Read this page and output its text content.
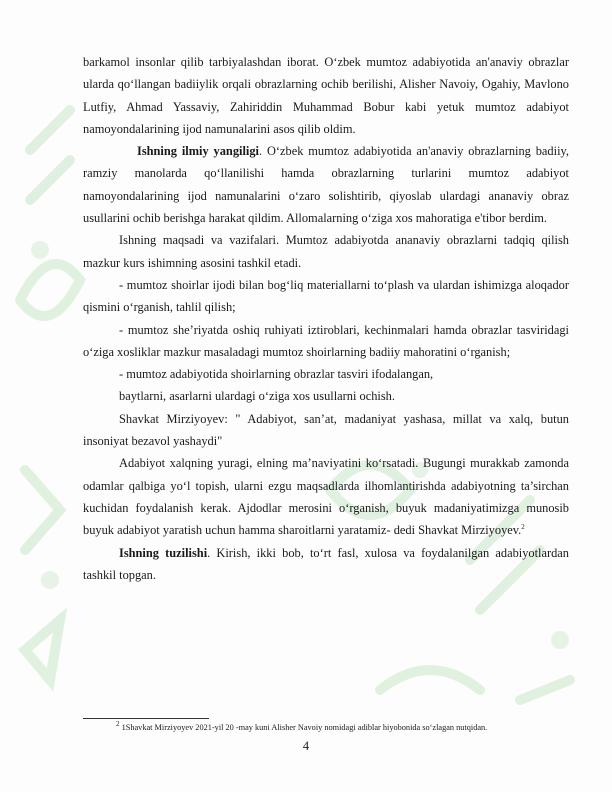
barkamol insonlar qilib tarbiyalashdan iborat. O‘zbek mumtoz adabiyotida an'anaviy obrazlar ularda qo‘llangan badiiylik orqali obrazlarning ochib berilishi, Alisher Navoiy, Ogahiy, Mavlono Lutfiy, Ahmad Yassaviy, Zahiriddin Muhammad Bobur kabi yetuk mumtoz adabiyot namoyondalarining ijod namunalarini asos qilib oldim.

Ishning ilmiy yangiligi. O‘zbek mumtoz adabiyotida an'anaviy obrazlarning badiiy, ramziy manolarda qo‘llanilishi hamda obrazlarning turlarini mumtoz adabiyot namoyondalarining ijod namunalarini o‘zaro solishtirib, qiyoslab ulardagi ananaviy obraz usullarini ochib berishga harakat qildim. Allomalarning o‘ziga xos mahoratiga e'tibor berdim.

Ishning maqsadi va vazifalari. Mumtoz adabiyotda ananaviy obrazlarni tadqiq qilish mazkur kurs ishimning asosini tashkil etadi.

- mumtoz shoirlar ijodi bilan bog‘liq materiallarni to‘plash va ulardan ishimizga aloqador qismini o‘rganish, tahlil qilish;

- mumtoz she’riyatda oshiq ruhiyati iztiroblari, kechinmalari hamda obrazlar tasviridagi o‘ziga xosliklar mazkur masaladagi mumtoz shoirlarning badiiy mahoratini o‘rganish;

- mumtoz adabiyotida shoirlarning obrazlar tasviri ifodalangan,

baytlarni, asarlarni ulardagi o‘ziga xos usullarni ochish.

Shavkat Mirziyoyev: " Adabiyot, san’at, madaniyat yashasa, millat va xalq, butun insoniyat bezavol yashaydi"

Adabiyot xalqning yuragi, elning ma’naviyatini ko‘rsatadi. Bugungi murakkab zamonda odamlar qalbiga yo‘l topish, ularni ezgu maqsadlarda ilhomlantirishda adabiyotning ta’sirchan kuchidan foydalanish kerak. Ajdodlar merosini o‘rganish, buyuk madaniyatimizga munosib buyuk adabiyot yaratish uchun hamma sharoitlarni yaratamiz- dedi Shavkat Mirziyoyev.$^2$

Ishning tuzilishi. Kirish, ikki bob, to‘rt fasl, xulosa va foydalanilgan adabiyotlardan tashkil topgan.

$^2$ 1Shavkat Mirziyoyev 2021-yil 20 -may kuni Alisher Navoiy nomidagi adiblar hiyobonida so‘zlagan nutqidan.
4
